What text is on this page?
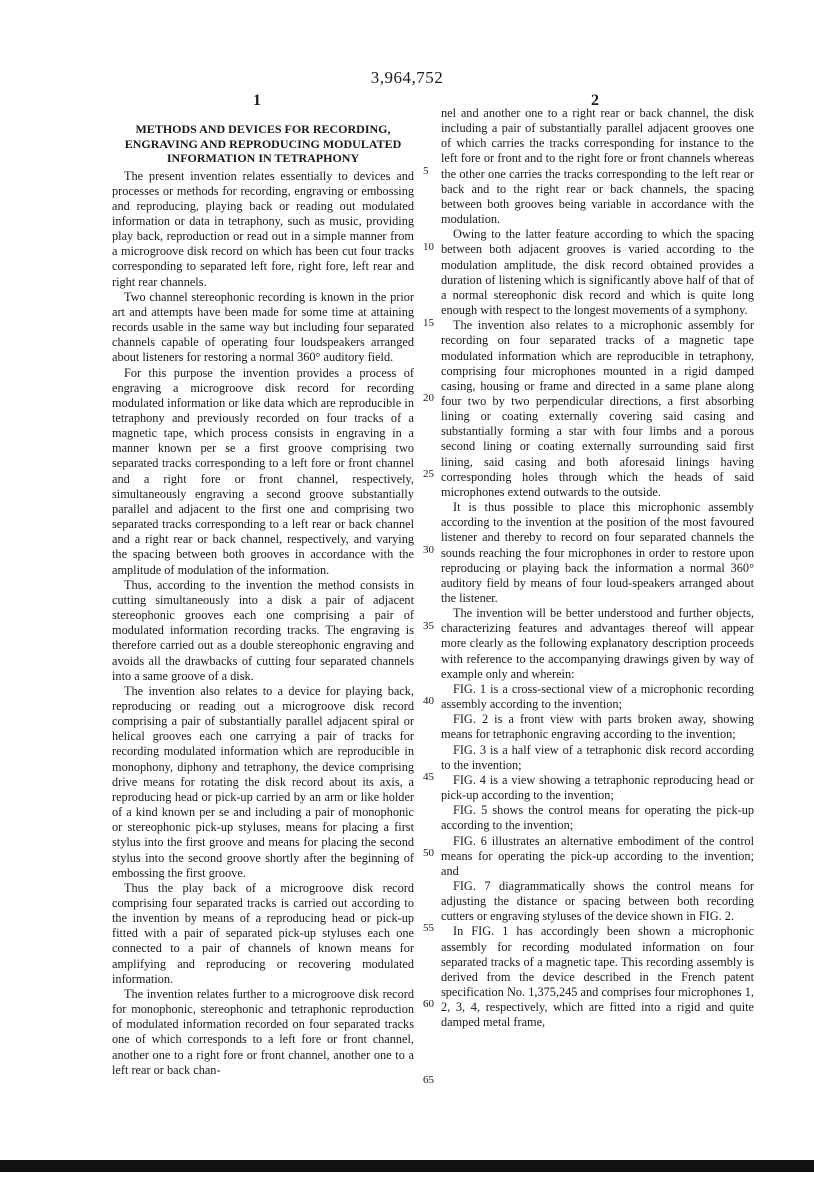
3,964,752
1	2
METHODS AND DEVICES FOR RECORDING,
ENGRAVING AND REPRODUCING MODULATED
INFORMATION IN TETRAPHONY

The present invention relates essentially to devices and processes or methods for recording, engraving or embossing and reproducing, playing back or reading out modulated information or data in tetraphony, such as music, providing play back, reproduction or read out in a simple manner from a microgroove disk record on which has been cut four tracks corresponding to separated left fore, right fore, left rear and right rear channels.

Two channel stereophonic recording is known in the prior art and attempts have been made for some time at attaining records usable in the same way but including four separated channels capable of operating four loudspeakers arranged about listeners for restoring a normal 360° auditory field.

For this purpose the invention provides a process of engraving a microgroove disk record for recording modulated information or like data which are reproducible in tetraphony and previously recorded on four tracks of a magnetic tape, which process consists in engraving in a manner known per se a first groove comprising two separated tracks corresponding to a left fore or front channel and a right fore or front channel, respectively, simultaneously engraving a second groove substantially parallel and adjacent to the first one and comprising two separated tracks corresponding to a left rear or back channel and a right rear or back channel, respectively, and varying the spacing between both grooves in accordance with the amplitude of modulation of the information.

Thus, according to the invention the method consists in cutting simultaneously into a disk a pair of adjacent stereophonic grooves each one comprising a pair of modulated information recording tracks. The engraving is therefore carried out as a double stereophonic engraving and avoids all the drawbacks of cutting four separated channels into a same groove of a disk.

The invention also relates to a device for playing back, reproducing or reading out a microgroove disk record comprising a pair of substantially parallel adjacent spiral or helical grooves each one carrying a pair of tracks for recording modulated information which are reproducible in monophony, diphony and tetraphony, the device comprising drive means for rotating the disk record about its axis, a reproducing head or pick-up carried by an arm or like holder of a kind known per se and including a pair of monophonic or stereophonic pick-up styluses, means for placing a first stylus into the first groove and means for placing the second stylus into the second groove shortly after the beginning of embossing the first groove.

Thus the play back of a microgroove disk record comprising four separated tracks is carried out according to the invention by means of a reproducing head or pick-up fitted with a pair of separated pick-up styluses each one connected to a pair of channels of known means for amplifying and reproducing or recovering modulated information.

The invention relates further to a microgroove disk record for monophonic, stereophonic and tetraphonic reproduction of modulated information recorded on four separated tracks one of which corresponds to a left fore or front channel, another one to a right fore or front channel, another one to a left rear or back chan-

5
10
15
20
25
30
35
40
45
50
55
60
65

nel and another one to a right rear or back channel, the disk including a pair of substantially parallel adjacent grooves one of which carries the tracks corresponding for instance to the left fore or front and to the right fore or front channels whereas the other one carries the tracks corresponding to the left rear or back and to the right rear or back channels, the spacing between both grooves being variable in accordance with the modulation.

Owing to the latter feature according to which the spacing between both adjacent grooves is varied according to the modulation amplitude, the disk record obtained provides a duration of listening which is significantly above half of that of a normal stereophonic disk record and which is quite long enough with respect to the longest movements of a symphony.

The invention also relates to a microphonic assembly for recording on four separated tracks of a magnetic tape modulated information which are reproducible in tetraphony, comprising four microphones mounted in a rigid damped casing, housing or frame and directed in a same plane along four two by two perpendicular directions, a first absorbing lining or coating externally covering said casing and substantially forming a star with four limbs and a porous second lining or coating externally surrounding said first lining, said casing and both aforesaid linings having corresponding holes through which the heads of said microphones extend outwards to the outside.

It is thus possible to place this microphonic assembly according to the invention at the position of the most favoured listener and thereby to record on four separated channels the sounds reaching the four microphones in order to restore upon reproducing or playing back the information a normal 360° auditory field by means of four loud-speakers arranged about the listener.

The invention will be better understood and further objects, characterizing features and advantages thereof will appear more clearly as the following explanatory description proceeds with reference to the accompanying drawings given by way of example only and wherein:

FIG. 1 is a cross-sectional view of a microphonic recording assembly according to the invention;

FIG. 2 is a front view with parts broken away, showing means for tetraphonic engraving according to the invention;

FIG. 3 is a half view of a tetraphonic disk record according to the invention;

FIG. 4 is a view showing a tetraphonic reproducing head or pick-up according to the invention;

FIG. 5 shows the control means for operating the pick-up according to the invention;

FIG. 6 illustrates an alternative embodiment of the control means for operating the pick-up according to the invention; and

FIG. 7 diagrammatically shows the control means for adjusting the distance or spacing between both recording cutters or engraving styluses of the device shown in FIG. 2.

In FIG. 1 has accordingly been shown a microphonic assembly for recording modulated information on four separated tracks of a magnetic tape. This recording assembly is derived from the device described in the French patent specification No. 1,375,245 and comprises four microphones 1, 2, 3, 4, respectively, which are fitted into a rigid and quite damped metal frame,
